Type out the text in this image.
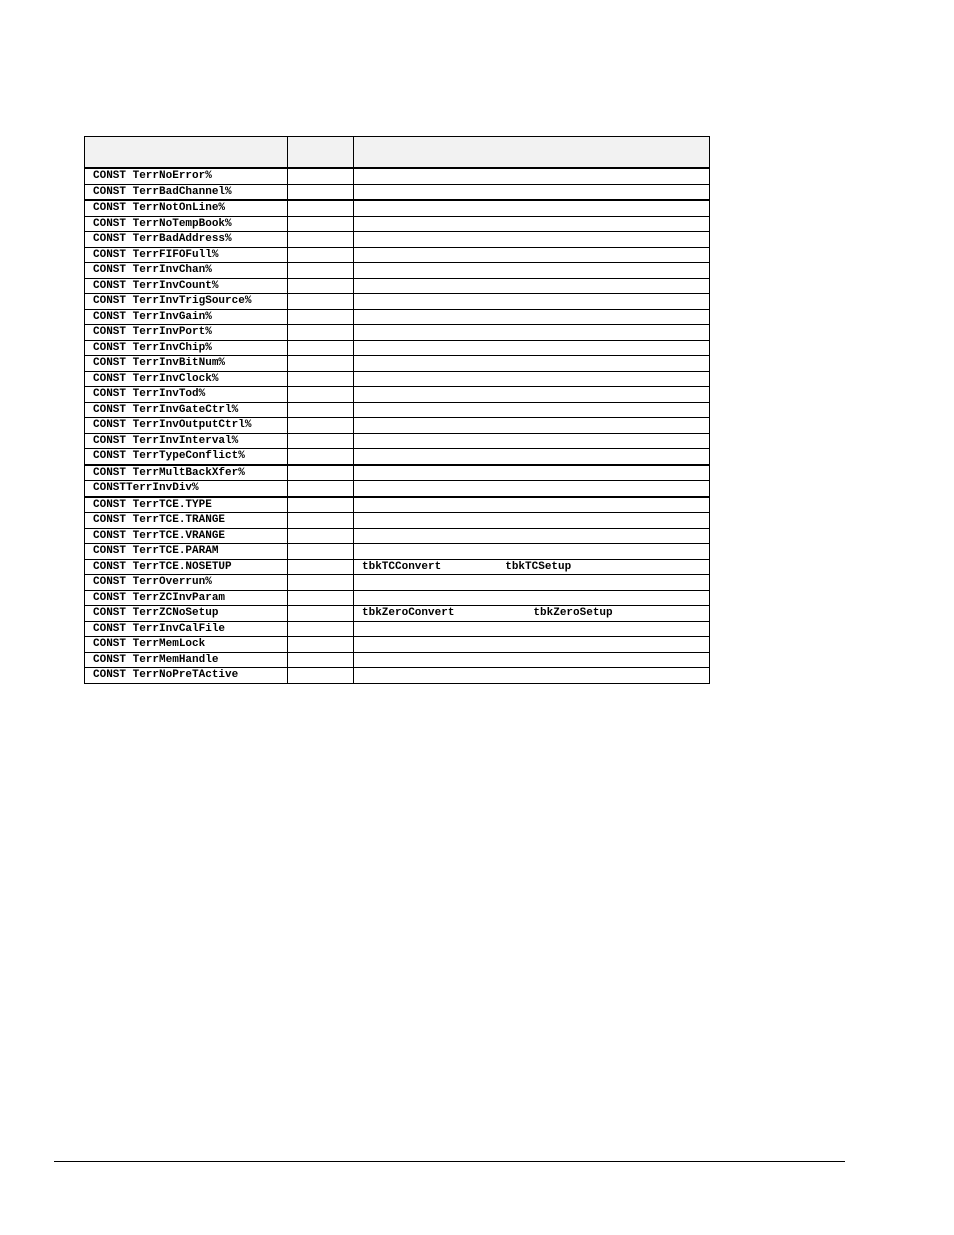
CONST TerrNoError%		
CONST TerrBadChannel%		
CONST TerrNotOnLine%		
CONST TerrNoTempBook%		
CONST TerrBadAddress%		
CONST TerrFIFOFull%		
CONST TerrInvChan%		
CONST TerrInvCount%		
CONST TerrInvTrigSource%		
CONST TerrInvGain%		
CONST TerrInvPort%		
CONST TerrInvChip%		
CONST TerrInvBitNum%		
CONST TerrInvClock%		
CONST TerrInvTod%		
CONST TerrInvGateCtrl%		
CONST TerrInvOutputCtrl%		
CONST TerrInvInterval%		
CONST TerrTypeConflict%		
CONST TerrMultBackXfer%		
CONSTTerrInvDiv%		
CONST TerrTCE.TYPE		
CONST TerrTCE.TRANGE		
CONST TerrTCE.VRANGE		
CONST TerrTCE.PARAM		
CONST TerrTCE.NOSETUP		tbkTCConvert tbkTCSetup
CONST TerrOverrun%		
CONST TerrZCInvParam		
CONST TerrZCNoSetup		tbkZeroConvert tbkZeroSetup
CONST TerrInvCalFile		
CONST TerrMemLock		
CONST TerrMemHandle		
CONST TerrNoPreTActive		
